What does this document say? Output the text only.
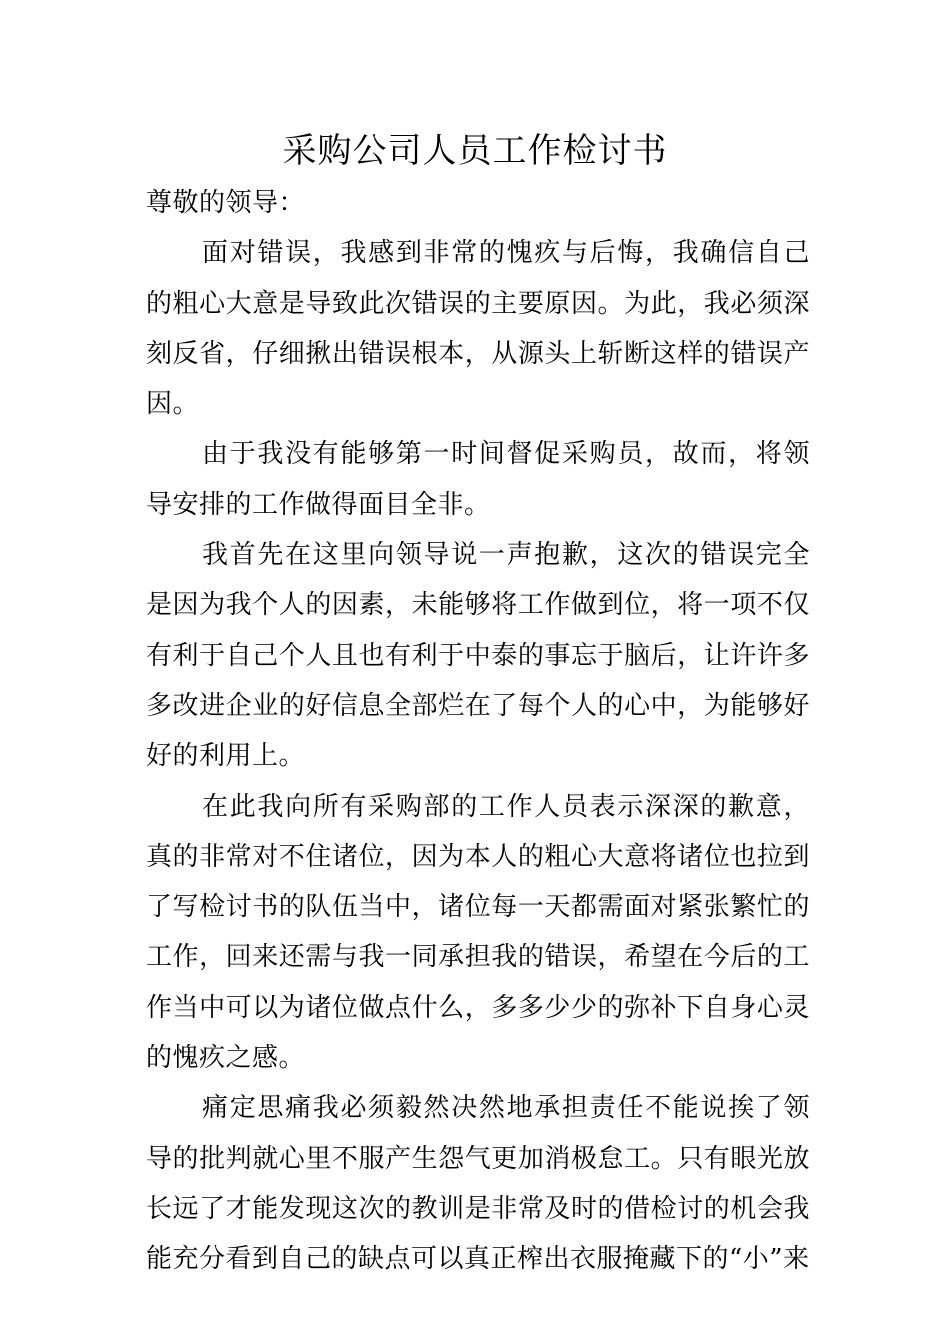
采购公司人员工作检讨书

尊敬的领导：

面对错误，我感到非常的愧疚与后悔，我确信自己的粗心大意是导致此次错误的主要原因。为此，我必须深刻反省，仔细揪出错误根本，从源头上斩断这样的错误产因。

由于我没有能够第一时间督促采购员，故而，将领导安排的工作做得面目全非。

我首先在这里向领导说一声抱歉，这次的错误完全是因为我个人的因素，未能够将工作做到位，将一项不仅有利于自己个人且也有利于中泰的事忘于脑后，让许许多多改进企业的好信息全部烂在了每个人的心中，为能够好好的利用上。

在此我向所有采购部的工作人员表示深深的歉意，真的非常对不住诸位，因为本人的粗心大意将诸位也拉到了写检讨书的队伍当中，诸位每一天都需面对紧张繁忙的工作，回来还需与我一同承担我的错误，希望在今后的工作当中可以为诸位做点什么，多多少少的弥补下自身心灵的愧疚之感。

痛定思痛我必须毅然决然地承担责任不能说挨了领导的批判就心里不服产生怨气更加消极怠工。只有眼光放长远了才能发现这次的教训是非常及时的借检讨的机会我能充分看到自己的缺点可以真正榨出衣服掩藏下的“小”来
